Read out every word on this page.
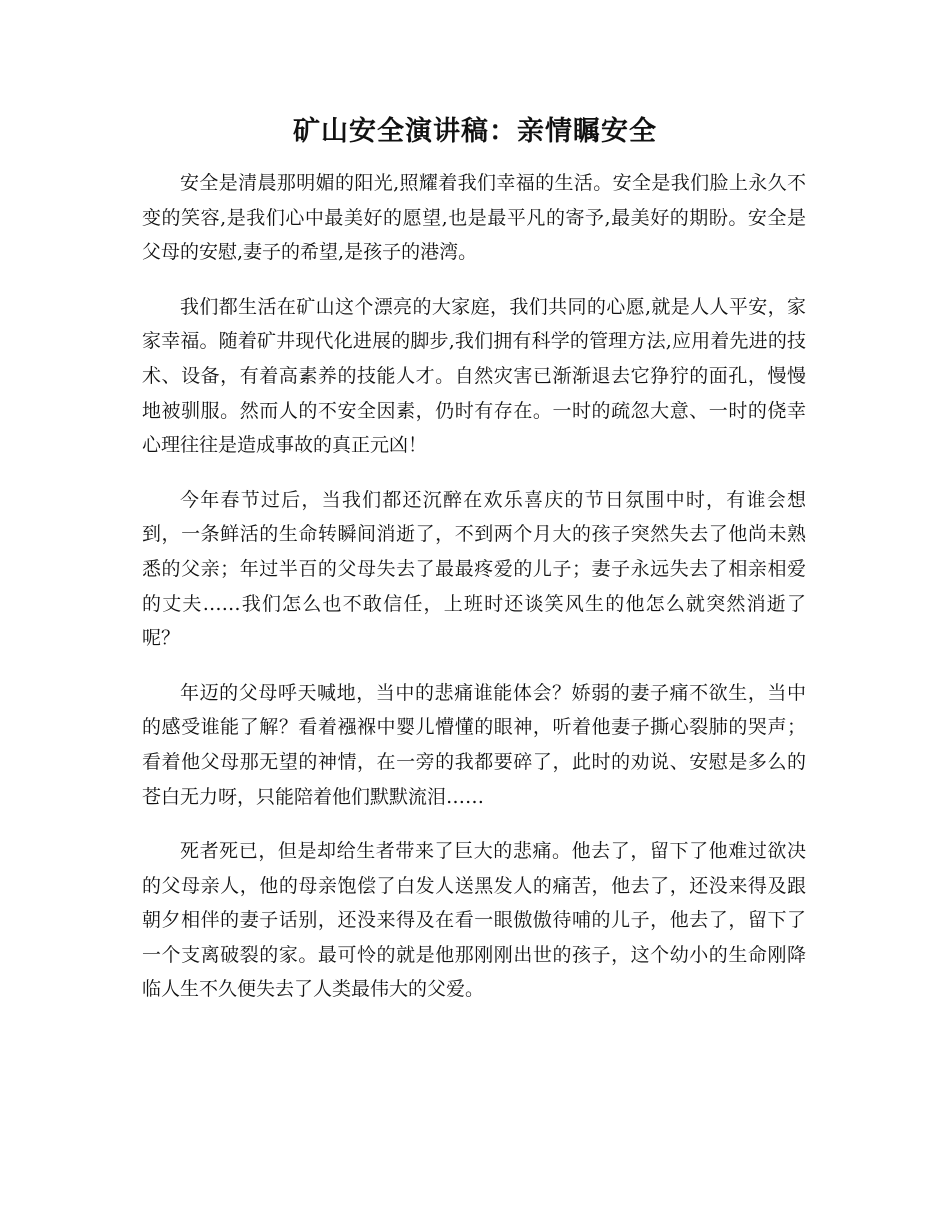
矿山安全演讲稿：亲情瞩安全

安全是清晨那明媚的阳光,照耀着我们幸福的生活。安全是我们脸上永久不变的笑容,是我们心中最美好的愿望,也是最平凡的寄予,最美好的期盼。安全是父母的安慰,妻子的希望,是孩子的港湾。

我们都生活在矿山这个漂亮的大家庭，我们共同的心愿,就是人人平安，家家幸福。随着矿井现代化进展的脚步,我们拥有科学的管理方法,应用着先进的技术、设备，有着高素养的技能人才。自然灾害已渐渐退去它狰狞的面孔，慢慢地被驯服。然而人的不安全因素，仍时有存在。一时的疏忽大意、一时的侥幸心理往往是造成事故的真正元凶！

今年春节过后，当我们都还沉醉在欢乐喜庆的节日氛围中时，有谁会想到，一条鲜活的生命转瞬间消逝了，不到两个月大的孩子突然失去了他尚未熟悉的父亲；年过半百的父母失去了最最疼爱的儿子；妻子永远失去了相亲相爱的丈夫……我们怎么也不敢信任，上班时还谈笑风生的他怎么就突然消逝了呢？

年迈的父母呼天喊地，当中的悲痛谁能体会？娇弱的妻子痛不欲生，当中的感受谁能了解？看着襁褓中婴儿懵懂的眼神，听着他妻子撕心裂肺的哭声；看着他父母那无望的神情，在一旁的我都要碎了，此时的劝说、安慰是多么的苍白无力呀，只能陪着他们默默流泪……

死者死已，但是却给生者带来了巨大的悲痛。他去了，留下了他难过欲决的父母亲人，他的母亲饱偿了白发人送黑发人的痛苦，他去了，还没来得及跟朝夕相伴的妻子话别，还没来得及在看一眼傲傲待哺的儿子，他去了，留下了一个支离破裂的家。最可怜的就是他那刚刚出世的孩子，这个幼小的生命刚降临人生不久便失去了人类最伟大的父爱。
